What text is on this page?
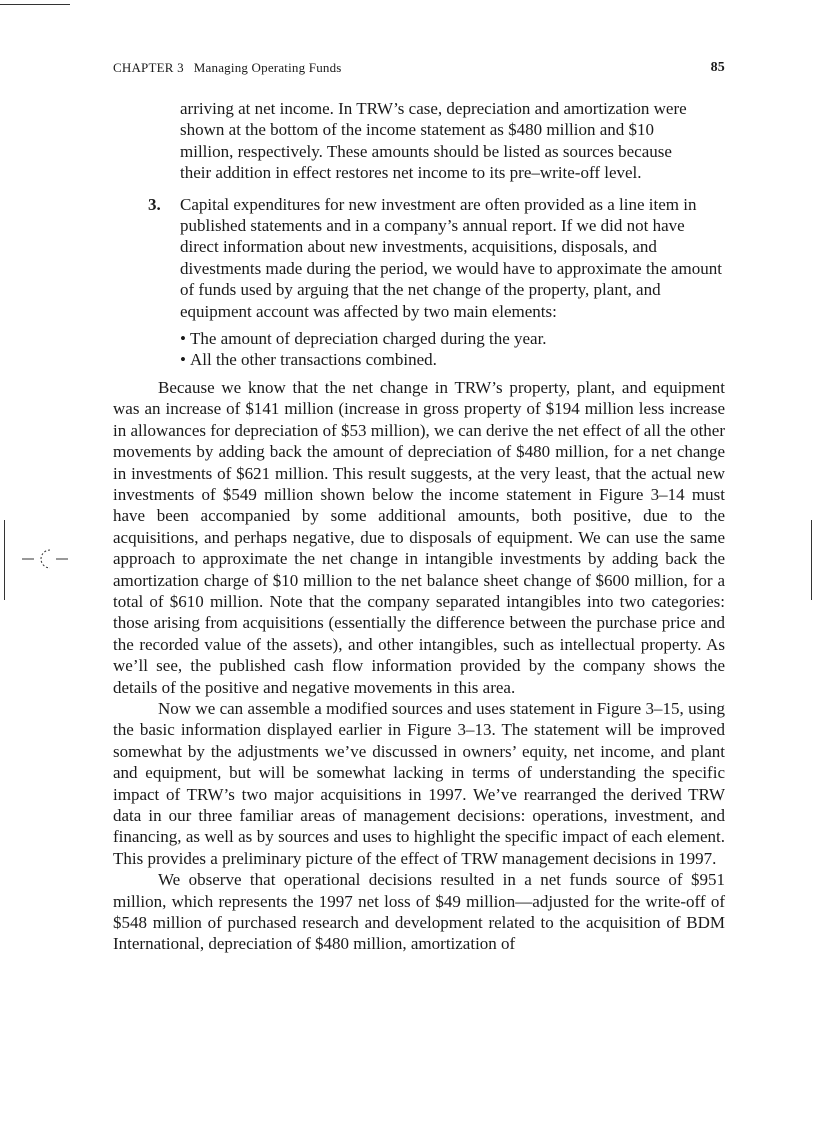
CHAPTER 3 Managing Operating Funds	85

arriving at net income. In TRW’s case, depreciation and amortization were shown at the bottom of the income statement as $480 million and $10 million, respectively. These amounts should be listed as sources because their addition in effect restores net income to its pre–write-off level.

3. Capital expenditures for new investment are often provided as a line item in published statements and in a company’s annual report. If we did not have direct information about new investments, acquisitions, disposals, and divestments made during the period, we would have to approximate the amount of funds used by arguing that the net change of the property, plant, and equipment account was affected by two main elements:
• The amount of depreciation charged during the year.
• All the other transactions combined.

Because we know that the net change in TRW’s property, plant, and equipment was an increase of $141 million (increase in gross property of $194 million less increase in allowances for depreciation of $53 million), we can derive the net effect of all the other movements by adding back the amount of depreciation of $480 million, for a net change in investments of $621 million. This result suggests, at the very least, that the actual new investments of $549 million shown below the income statement in Figure 3–14 must have been accompanied by some additional amounts, both positive, due to the acquisitions, and perhaps negative, due to disposals of equipment. We can use the same approach to approximate the net change in intangible investments by adding back the amortization charge of $10 million to the net balance sheet change of $600 million, for a total of $610 million. Note that the company separated intangibles into two categories: those arising from acquisitions (essentially the difference between the purchase price and the recorded value of the assets), and other intangibles, such as intellectual property. As we’ll see, the published cash flow information provided by the company shows the details of the positive and negative movements in this area.

Now we can assemble a modified sources and uses statement in Figure 3–15, using the basic information displayed earlier in Figure 3–13. The statement will be improved somewhat by the adjustments we’ve discussed in owners’ equity, net income, and plant and equipment, but will be somewhat lacking in terms of understanding the specific impact of TRW’s two major acquisitions in 1997. We’ve rearranged the derived TRW data in our three familiar areas of management decisions: operations, investment, and financing, as well as by sources and uses to highlight the specific impact of each element. This provides a preliminary picture of the effect of TRW management decisions in 1997.

We observe that operational decisions resulted in a net funds source of $951 million, which represents the 1997 net loss of $49 million—adjusted for the write-off of $548 million of purchased research and development related to the acquisition of BDM International, depreciation of $480 million, amortization of
